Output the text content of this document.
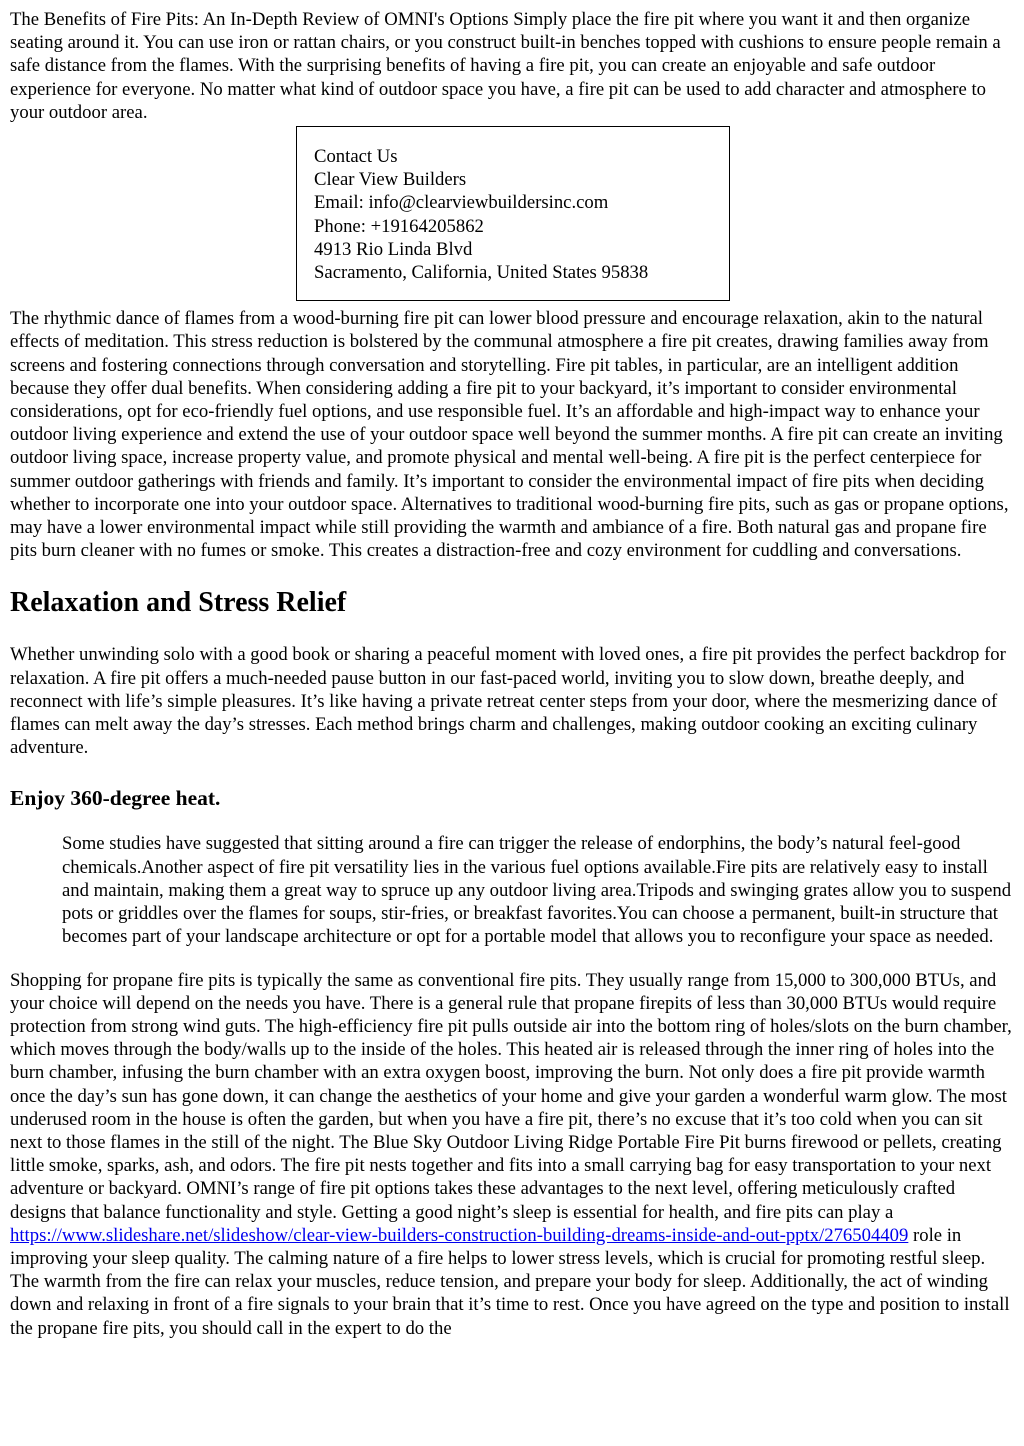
The Benefits of Fire Pits: An In-Depth Review of OMNI's Options Simply place the fire pit where you want it and then organize seating around it. You can use iron or rattan chairs, or you construct built-in benches topped with cushions to ensure people remain a safe distance from the flames. With the surprising benefits of having a fire pit, you can create an enjoyable and safe outdoor experience for everyone. No matter what kind of outdoor space you have, a fire pit can be used to add character and atmosphere to your outdoor area.

Contact Us
Clear View Builders
Email: info@clearviewbuildersinc.com
Phone: +19164205862
4913 Rio Linda Blvd
Sacramento, California, United States 95838

The rhythmic dance of flames from a wood-burning fire pit can lower blood pressure and encourage relaxation, akin to the natural effects of meditation. This stress reduction is bolstered by the communal atmosphere a fire pit creates, drawing families away from screens and fostering connections through conversation and storytelling. Fire pit tables, in particular, are an intelligent addition because they offer dual benefits. When considering adding a fire pit to your backyard, it’s important to consider environmental considerations, opt for eco-friendly fuel options, and use responsible fuel. It’s an affordable and high-impact way to enhance your outdoor living experience and extend the use of your outdoor space well beyond the summer months. A fire pit can create an inviting outdoor living space, increase property value, and promote physical and mental well-being. A fire pit is the perfect centerpiece for summer outdoor gatherings with friends and family. It’s important to consider the environmental impact of fire pits when deciding whether to incorporate one into your outdoor space. Alternatives to traditional wood-burning fire pits, such as gas or propane options, may have a lower environmental impact while still providing the warmth and ambiance of a fire. Both natural gas and propane fire pits burn cleaner with no fumes or smoke. This creates a distraction-free and cozy environment for cuddling and conversations.

Relaxation and Stress Relief

Whether unwinding solo with a good book or sharing a peaceful moment with loved ones, a fire pit provides the perfect backdrop for relaxation. A fire pit offers a much-needed pause button in our fast-paced world, inviting you to slow down, breathe deeply, and reconnect with life’s simple pleasures. It’s like having a private retreat center steps from your door, where the mesmerizing dance of flames can melt away the day’s stresses. Each method brings charm and challenges, making outdoor cooking an exciting culinary adventure.

Enjoy 360-degree heat.

Some studies have suggested that sitting around a fire can trigger the release of endorphins, the body’s natural feel-good chemicals.Another aspect of fire pit versatility lies in the various fuel options available.Fire pits are relatively easy to install and maintain, making them a great way to spruce up any outdoor living area.Tripods and swinging grates allow you to suspend pots or griddles over the flames for soups, stir-fries, or breakfast favorites.You can choose a permanent, built-in structure that becomes part of your landscape architecture or opt for a portable model that allows you to reconfigure your space as needed.

Shopping for propane fire pits is typically the same as conventional fire pits. They usually range from 15,000 to 300,000 BTUs, and your choice will depend on the needs you have. There is a general rule that propane firepits of less than 30,000 BTUs would require protection from strong wind guts. The high-efficiency fire pit pulls outside air into the bottom ring of holes/slots on the burn chamber, which moves through the body/walls up to the inside of the holes. This heated air is released through the inner ring of holes into the burn chamber, infusing the burn chamber with an extra oxygen boost, improving the burn. Not only does a fire pit provide warmth once the day’s sun has gone down, it can change the aesthetics of your home and give your garden a wonderful warm glow. The most underused room in the house is often the garden, but when you have a fire pit, there’s no excuse that it’s too cold when you can sit next to those flames in the still of the night. The Blue Sky Outdoor Living Ridge Portable Fire Pit burns firewood or pellets, creating little smoke, sparks, ash, and odors. The fire pit nests together and fits into a small carrying bag for easy transportation to your next adventure or backyard. OMNI’s range of fire pit options takes these advantages to the next level, offering meticulously crafted designs that balance functionality and style. Getting a good night’s sleep is essential for health, and fire pits can play a https://www.slideshare.net/slideshow/clear-view-builders-construction-building-dreams-inside-and-out-pptx/276504409 role in improving your sleep quality. The calming nature of a fire helps to lower stress levels, which is crucial for promoting restful sleep. The warmth from the fire can relax your muscles, reduce tension, and prepare your body for sleep. Additionally, the act of winding down and relaxing in front of a fire signals to your brain that it’s time to rest. Once you have agreed on the type and position to install the propane fire pits, you should call in the expert to do the
